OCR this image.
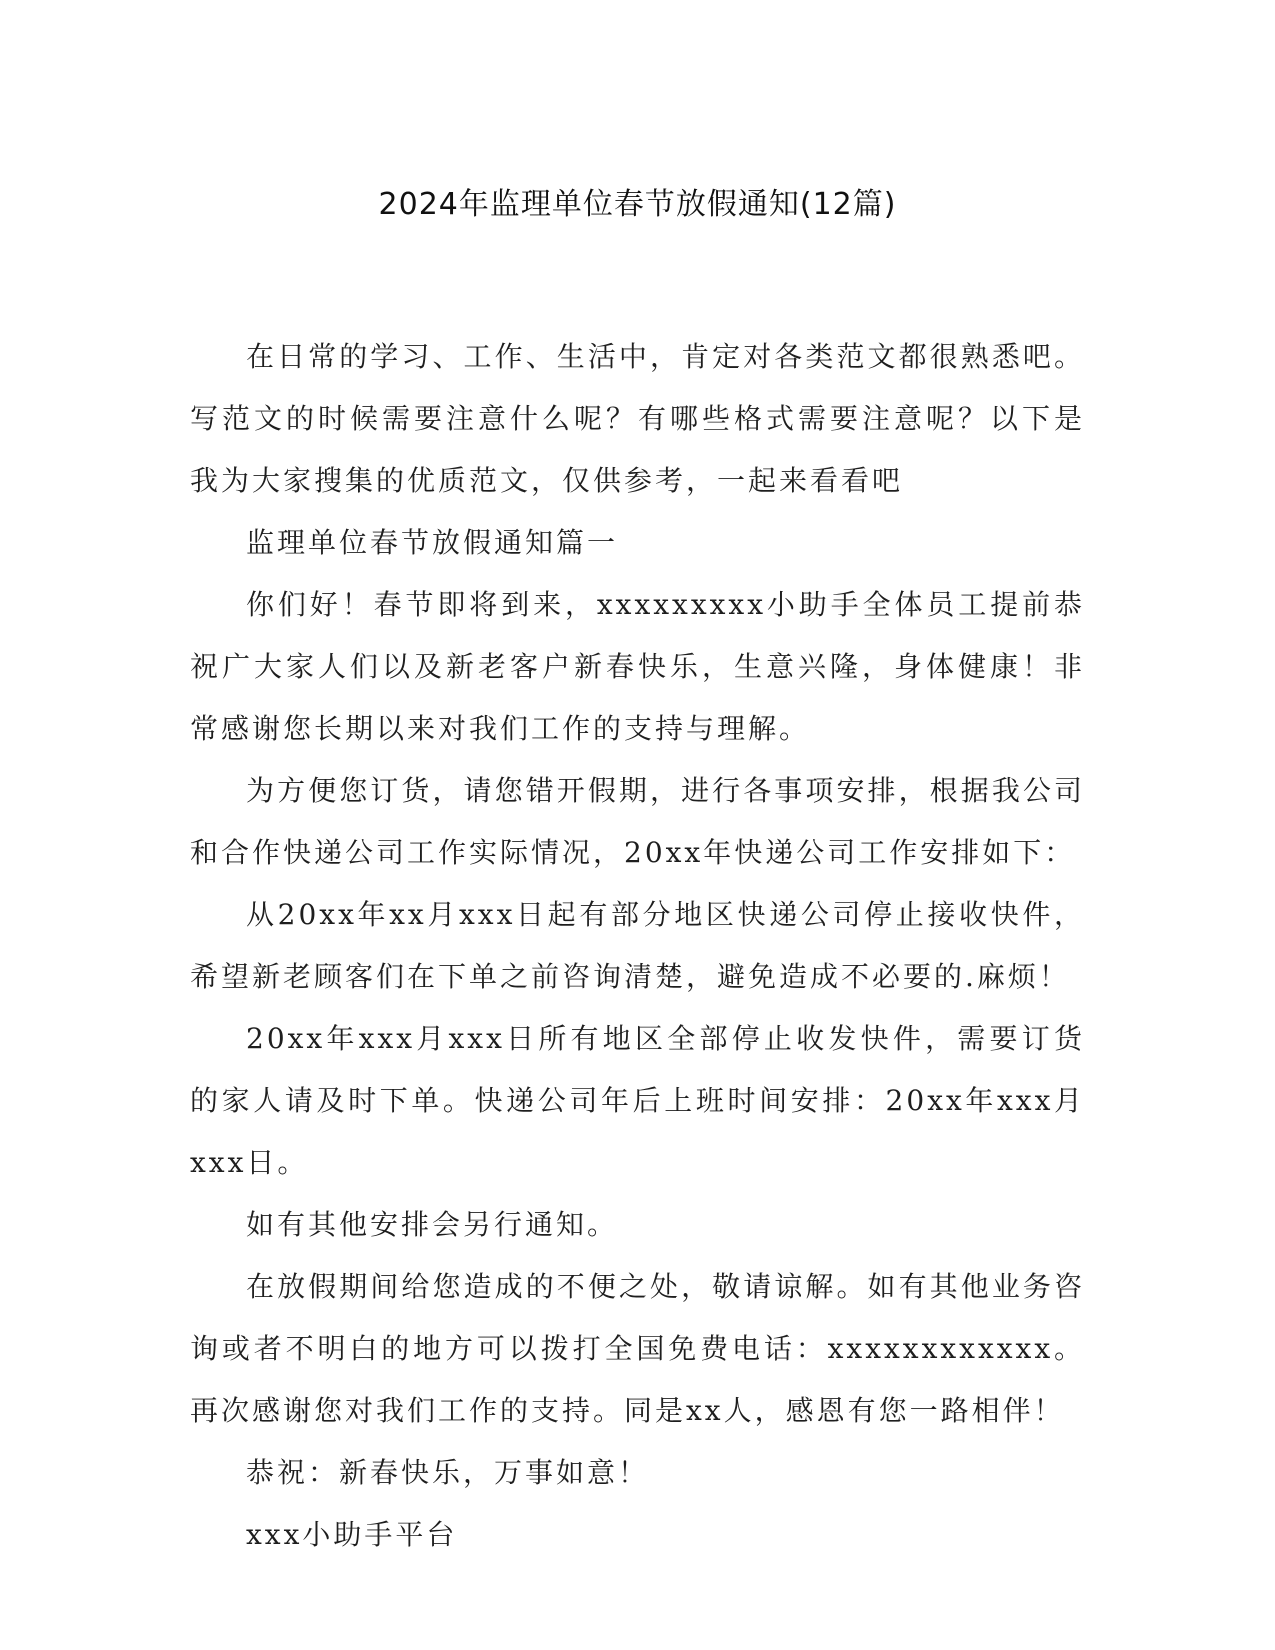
2024年监理单位春节放假通知(12篇)

在日常的学习、工作、生活中，肯定对各类范文都很熟悉吧。写范文的时候需要注意什么呢？有哪些格式需要注意呢？以下是我为大家搜集的优质范文，仅供参考，一起来看看吧

监理单位春节放假通知篇一

你们好！春节即将到来，xxxxxxxxx小助手全体员工提前恭祝广大家人们以及新老客户新春快乐，生意兴隆，身体健康！非常感谢您长期以来对我们工作的支持与理解。

为方便您订货，请您错开假期，进行各事项安排，根据我公司和合作快递公司工作实际情况，20xx年快递公司工作安排如下：

从20xx年xx月xxx日起有部分地区快递公司停止接收快件，希望新老顾客们在下单之前咨询清楚，避免造成不必要的.麻烦！

20xx年xxx月xxx日所有地区全部停止收发快件，需要订货的家人请及时下单。快递公司年后上班时间安排：20xx年xxx月xxx日。

如有其他安排会另行通知。

在放假期间给您造成的不便之处，敬请谅解。如有其他业务咨询或者不明白的地方可以拨打全国免费电话：xxxxxxxxxxxx。再次感谢您对我们工作的支持。同是xx人，感恩有您一路相伴！

恭祝：新春快乐，万事如意！

xxx小助手平台
